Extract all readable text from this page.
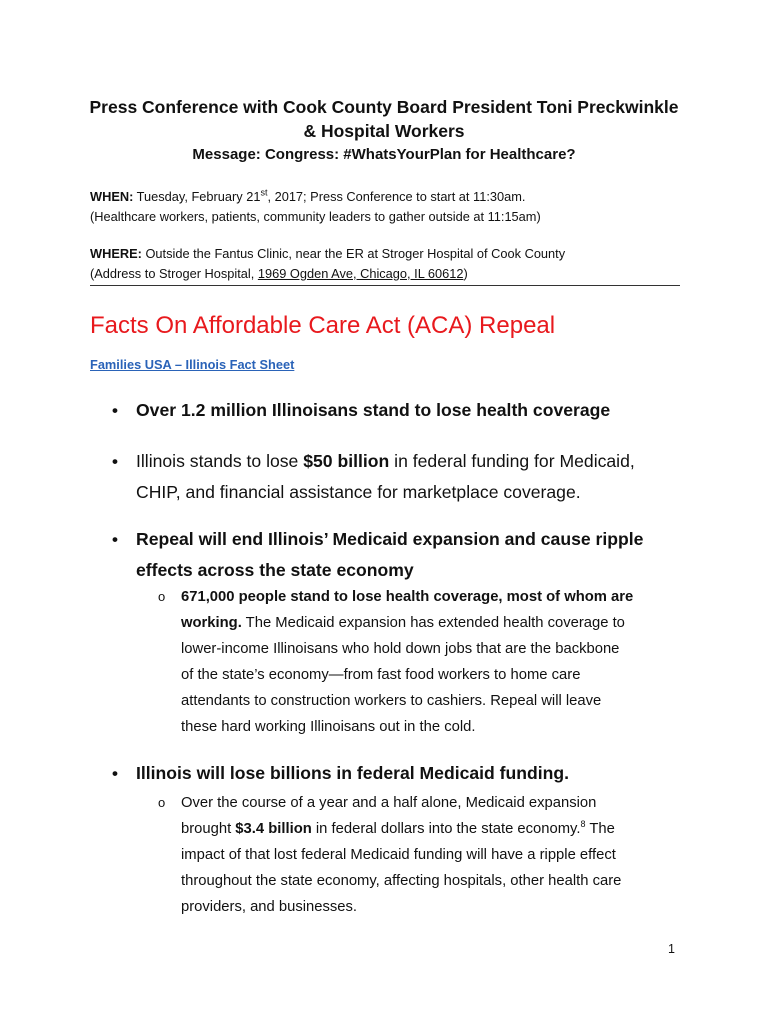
Press Conference with Cook County Board President Toni Preckwinkle
& Hospital Workers
Message: Congress: #WhatsYourPlan for Healthcare?
WHEN: Tuesday, February 21st, 2017; Press Conference to start at 11:30am.
(Healthcare workers, patients, community leaders to gather outside at 11:15am)
WHERE: Outside the Fantus Clinic, near the ER at Stroger Hospital of Cook County
(Address to Stroger Hospital, 1969 Ogden Ave, Chicago, IL 60612)
Facts On Affordable Care Act (ACA) Repeal
Families USA – Illinois Fact Sheet
• Over 1.2 million Illinoisans stand to lose health coverage
• Illinois stands to lose $50 billion in federal funding for Medicaid,
CHIP, and financial assistance for marketplace coverage.
• Repeal will end Illinois’ Medicaid expansion and cause ripple
effects across the state economy
o 671,000 people stand to lose health coverage, most of whom are
working. The Medicaid expansion has extended health coverage to
lower-income Illinoisans who hold down jobs that are the backbone
of the state’s economy—from fast food workers to home care
attendants to construction workers to cashiers. Repeal will leave
these hard working Illinoisans out in the cold.
• Illinois will lose billions in federal Medicaid funding.
o Over the course of a year and a half alone, Medicaid expansion
brought $3.4 billion in federal dollars into the state economy.$^8$ The
impact of that lost federal Medicaid funding will have a ripple effect
throughout the state economy, affecting hospitals, other health care
providers, and businesses.
1
